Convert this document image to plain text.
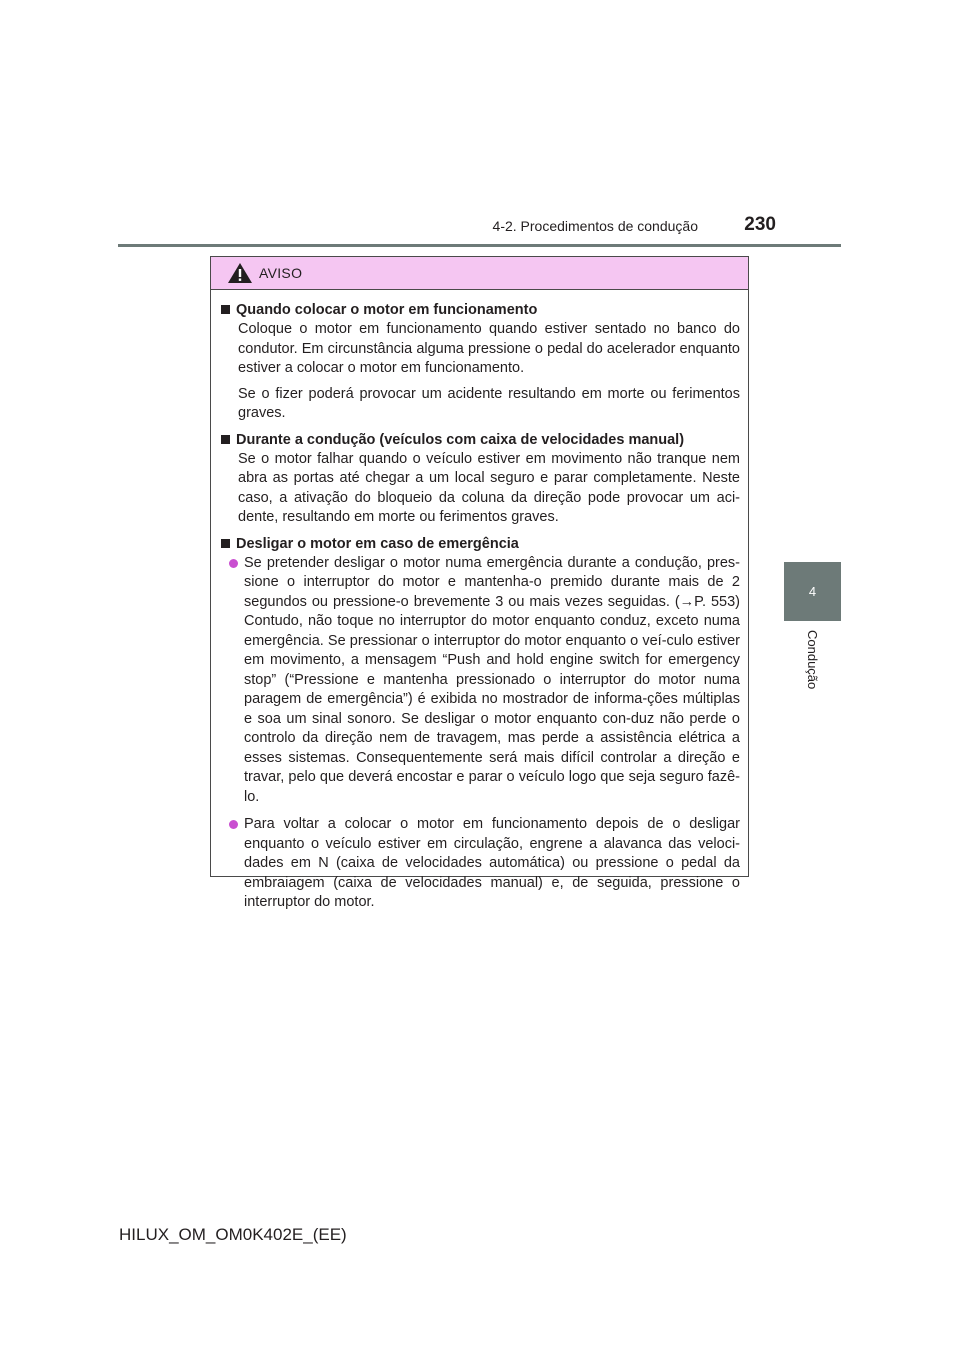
4-2. Procedimentos de condução	230
4
Condução
AVISO
Quando colocar o motor em funcionamento

Coloque o motor em funcionamento quando estiver sentado no banco do condutor. Em circunstância alguma pressione o pedal do acelerador enquanto estiver a colocar o motor em funcionamento.

Se o fizer poderá provocar um acidente resultando em morte ou ferimentos graves.

Durante a condução (veículos com caixa de velocidades manual)

Se o motor falhar quando o veículo estiver em movimento não tranque nem abra as portas até chegar a um local seguro e parar completamente. Neste caso, a ativação do bloqueio da coluna da direção pode provocar um aci-dente, resultando em morte ou ferimentos graves.

Desligar o motor em caso de emergência
Se pretender desligar o motor numa emergência durante a condução, pres-sione o interruptor do motor e mantenha-o premido durante mais de 2 segundos ou pressione-o brevemente 3 ou mais vezes seguidas. (→P. 553) Contudo, não toque no interruptor do motor enquanto conduz, exceto numa emergência. Se pressionar o interruptor do motor enquanto o veí-culo estiver em movimento, a mensagem “Push and hold engine switch for emergency stop” (“Pressione e mantenha pressionado o interruptor do motor numa paragem de emergência”) é exibida no mostrador de informa-ções múltiplas e soa um sinal sonoro. Se desligar o motor enquanto con-duz não perde o controlo da direção nem de travagem, mas perde a assistência elétrica a esses sistemas. Consequentemente será mais difícil controlar a direção e travar, pelo que deverá encostar e parar o veículo logo que seja seguro fazê-lo.
Para voltar a colocar o motor em funcionamento depois de o desligar enquanto o veículo estiver em circulação, engrene a alavanca das veloci-dades em N (caixa de velocidades automática) ou pressione o pedal da embraiagem (caixa de velocidades manual) e, de seguida, pressione o interruptor do motor.
HILUX_OM_OM0K402E_(EE)
